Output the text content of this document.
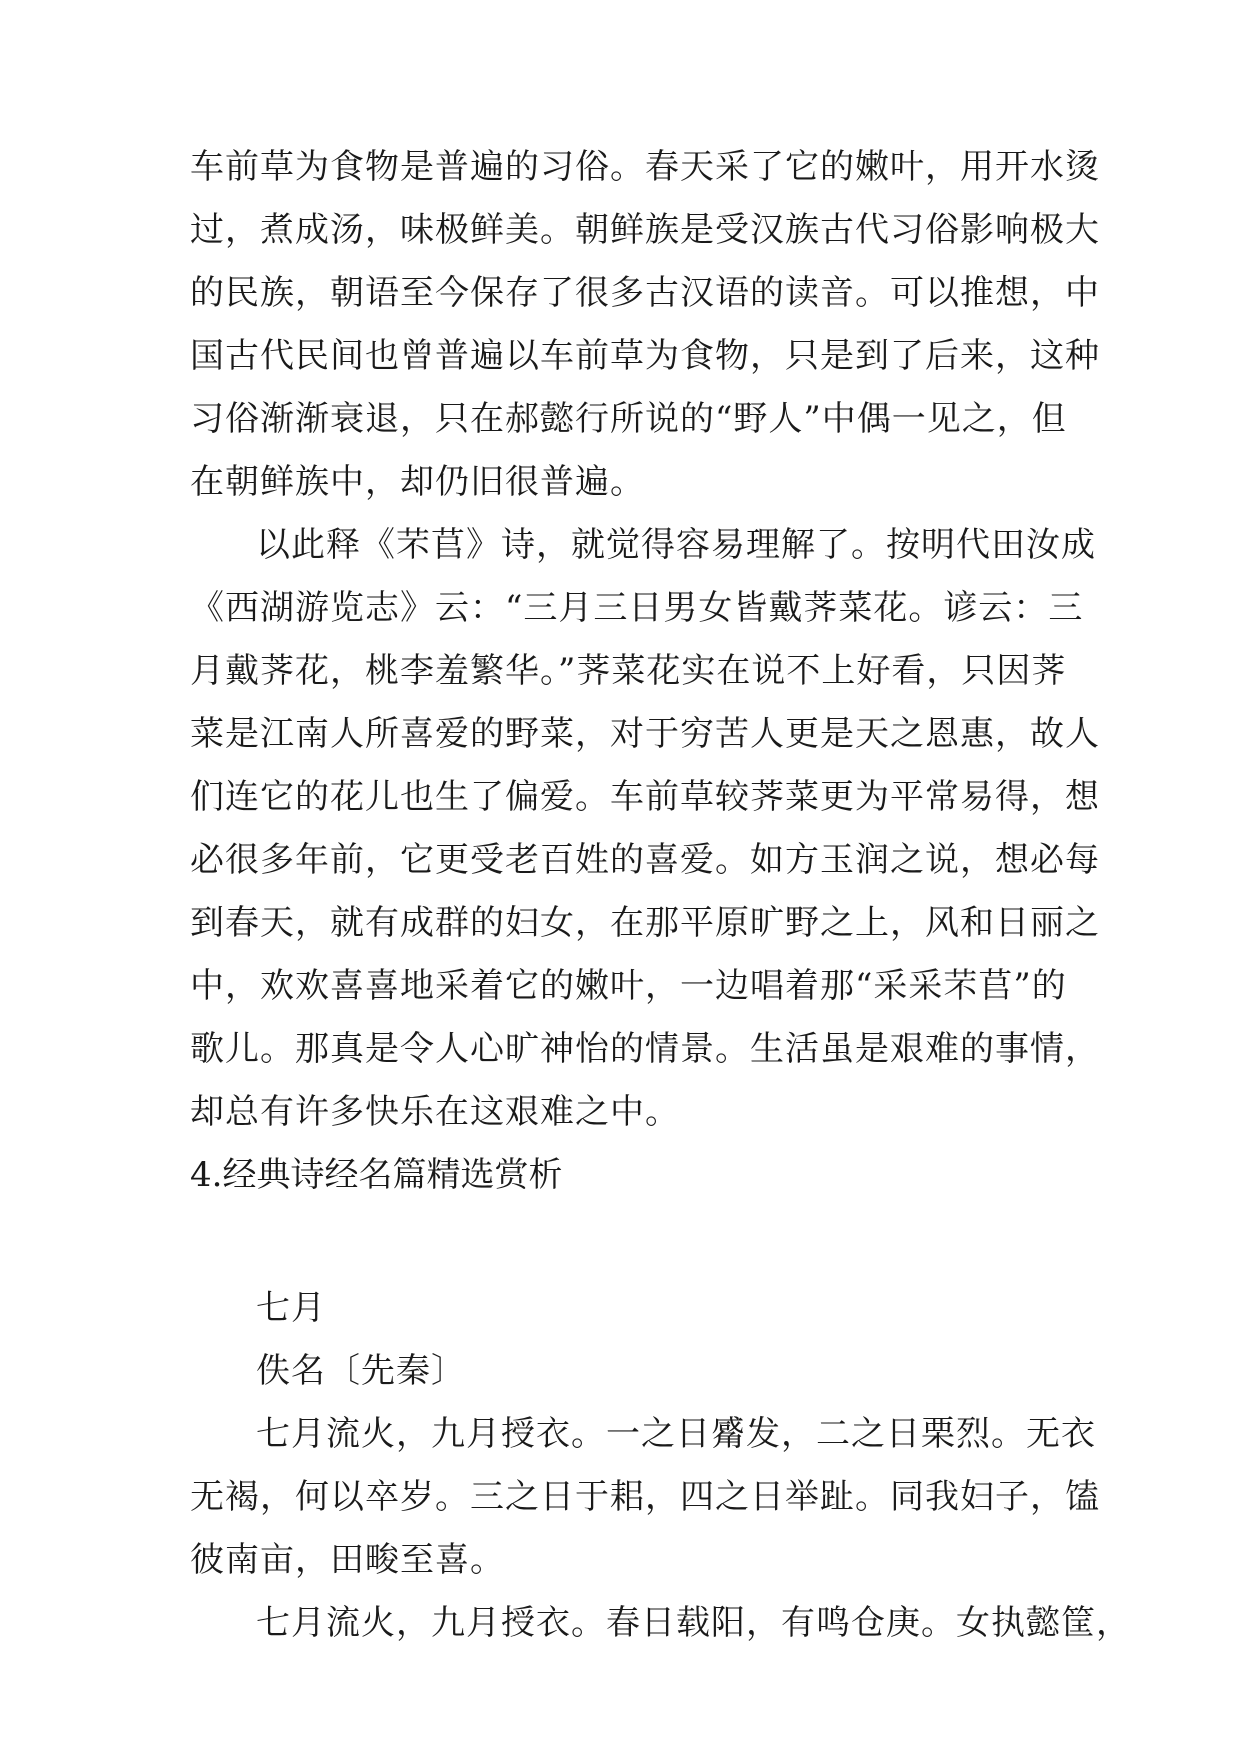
车前草为食物是普遍的习俗。春天采了它的嫩叶，用开水烫
过，煮成汤，味极鲜美。朝鲜族是受汉族古代习俗影响极大
的民族，朝语至今保存了很多古汉语的读音。可以推想，中
国古代民间也曾普遍以车前草为食物，只是到了后来，这种
习俗渐渐衰退，只在郝懿行所说的“野人”中偶一见之，但
在朝鲜族中，却仍旧很普遍。
以此释《芣苢》诗，就觉得容易理解了。按明代田汝成
《西湖游览志》云：“三月三日男女皆戴荠菜花。谚云：三
月戴荠花，桃李羞繁华。”荠菜花实在说不上好看，只因荠
菜是江南人所喜爱的野菜，对于穷苦人更是天之恩惠，故人
们连它的花儿也生了偏爱。车前草较荠菜更为平常易得，想
必很多年前，它更受老百姓的喜爱。如方玉润之说，想必每
到春天，就有成群的妇女，在那平原旷野之上，风和日丽之
中，欢欢喜喜地采着它的嫩叶，一边唱着那“采采芣苢”的
歌儿。那真是令人心旷神怡的情景。生活虽是艰难的事情，
却总有许多快乐在这艰难之中。
4.经典诗经名篇精选赏析
七月
佚名〔先秦〕
七月流火，九月授衣。一之日觱发，二之日栗烈。无衣
无褐，何以卒岁。三之日于耜，四之日举趾。同我妇子，馌
彼南亩，田畯至喜。
七月流火，九月授衣。春日载阳，有鸣仓庚。女执懿筐，
